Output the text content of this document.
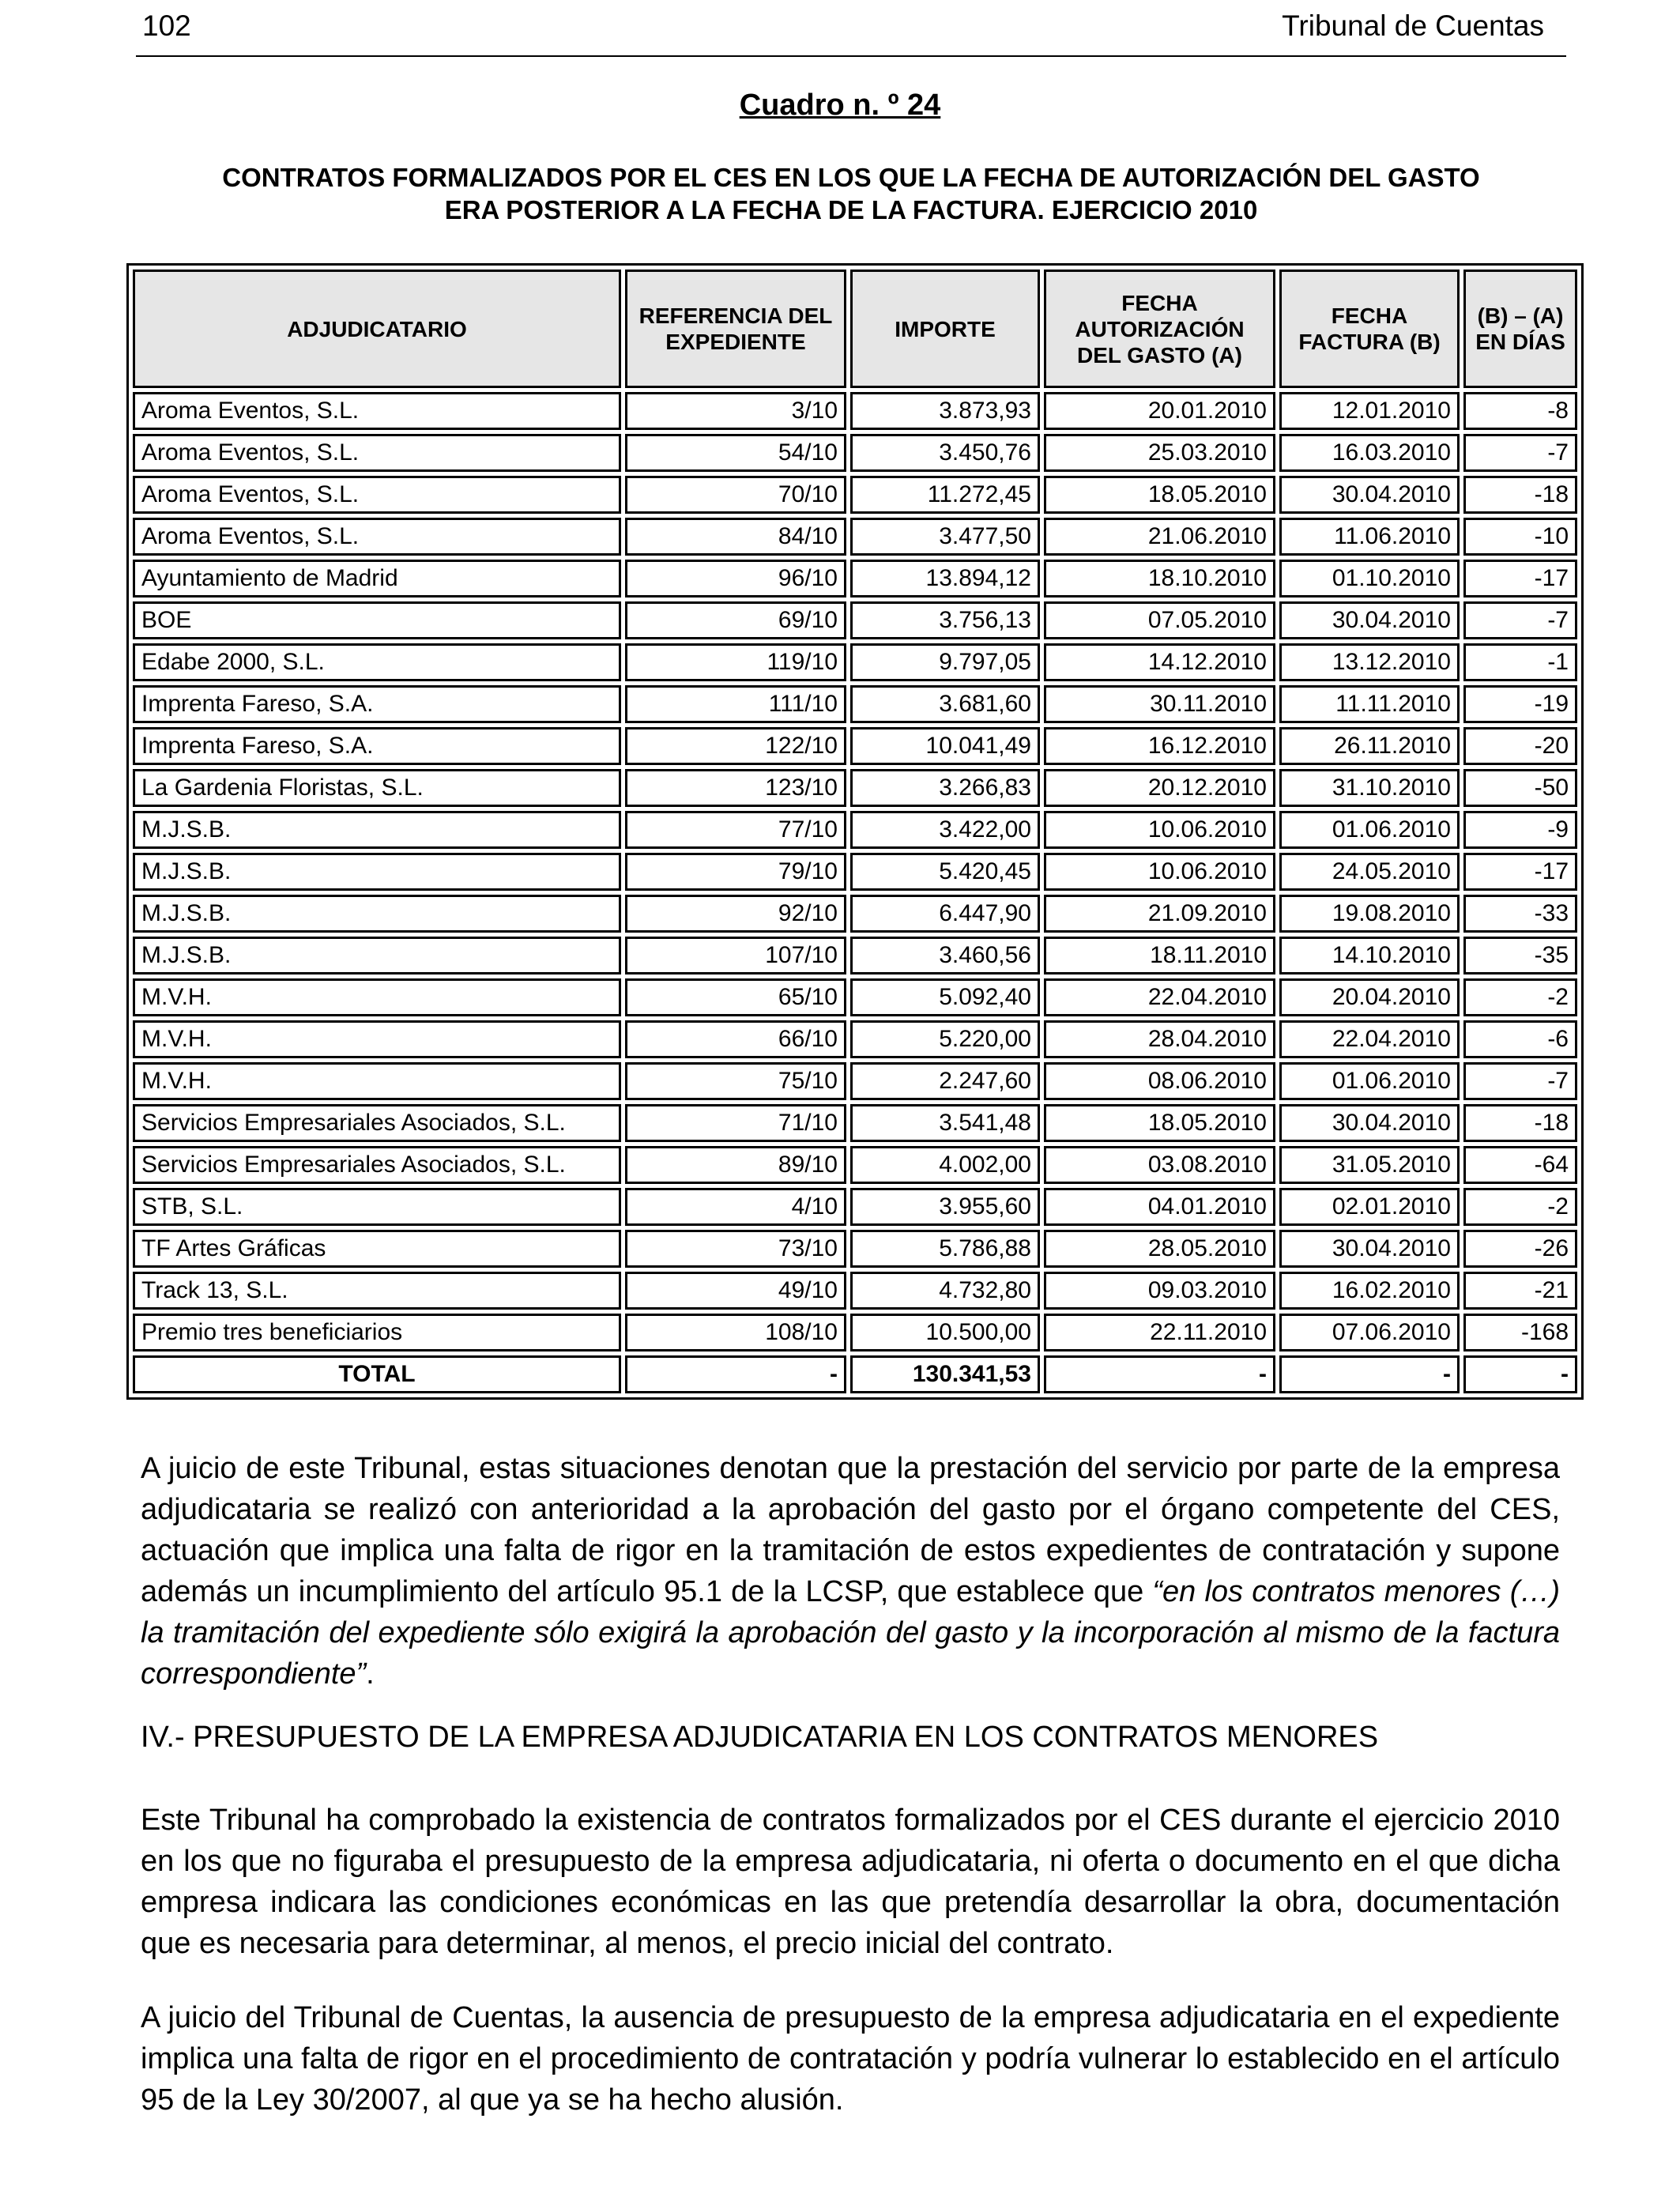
102	Tribunal de Cuentas
Cuadro n. º 24
CONTRATOS FORMALIZADOS POR EL CES EN LOS QUE LA FECHA DE AUTORIZACIÓN DEL GASTO
ERA POSTERIOR A LA FECHA DE LA FACTURA. EJERCICIO 2010
ADJUDICATARIO	REFERENCIA DEL EXPEDIENTE	IMPORTE	FECHA AUTORIZACIÓN DEL GASTO (A)	FECHA FACTURA (B)	(B) – (A) EN DÍAS
Aroma Eventos, S.L.	3/10	3.873,93	20.01.2010	12.01.2010	-8
Aroma Eventos, S.L.	54/10	3.450,76	25.03.2010	16.03.2010	-7
Aroma Eventos, S.L.	70/10	11.272,45	18.05.2010	30.04.2010	-18
Aroma Eventos, S.L.	84/10	3.477,50	21.06.2010	11.06.2010	-10
Ayuntamiento de Madrid	96/10	13.894,12	18.10.2010	01.10.2010	-17
BOE	69/10	3.756,13	07.05.2010	30.04.2010	-7
Edabe 2000, S.L.	119/10	9.797,05	14.12.2010	13.12.2010	-1
Imprenta Fareso, S.A.	111/10	3.681,60	30.11.2010	11.11.2010	-19
Imprenta Fareso, S.A.	122/10	10.041,49	16.12.2010	26.11.2010	-20
La Gardenia Floristas, S.L.	123/10	3.266,83	20.12.2010	31.10.2010	-50
M.J.S.B.	77/10	3.422,00	10.06.2010	01.06.2010	-9
M.J.S.B.	79/10	5.420,45	10.06.2010	24.05.2010	-17
M.J.S.B.	92/10	6.447,90	21.09.2010	19.08.2010	-33
M.J.S.B.	107/10	3.460,56	18.11.2010	14.10.2010	-35
M.V.H.	65/10	5.092,40	22.04.2010	20.04.2010	-2
M.V.H.	66/10	5.220,00	28.04.2010	22.04.2010	-6
M.V.H.	75/10	2.247,60	08.06.2010	01.06.2010	-7
Servicios Empresariales Asociados, S.L.	71/10	3.541,48	18.05.2010	30.04.2010	-18
Servicios Empresariales Asociados, S.L.	89/10	4.002,00	03.08.2010	31.05.2010	-64
STB, S.L.	4/10	3.955,60	04.01.2010	02.01.2010	-2
TF Artes Gráficas	73/10	5.786,88	28.05.2010	30.04.2010	-26
Track 13, S.L.	49/10	4.732,80	09.03.2010	16.02.2010	-21
Premio tres beneficiarios	108/10	10.500,00	22.11.2010	07.06.2010	-168
TOTAL	-	130.341,53	-	-	-
A juicio de este Tribunal, estas situaciones denotan que la prestación del servicio por parte de la empresa adjudicataria se realizó con anterioridad a la aprobación del gasto por el órgano competente del CES, actuación que implica una falta de rigor en la tramitación de estos expedientes de contratación y supone además un incumplimiento del artículo 95.1 de la LCSP, que establece que “en los contratos menores (…) la tramitación del expediente sólo exigirá la aprobación del gasto y la incorporación al mismo de la factura correspondiente”.
IV.- PRESUPUESTO DE LA EMPRESA ADJUDICATARIA EN LOS CONTRATOS MENORES
Este Tribunal ha comprobado la existencia de contratos formalizados por el CES durante el ejercicio 2010 en los que no figuraba el presupuesto de la empresa adjudicataria, ni oferta o documento en el que dicha empresa indicara las condiciones económicas en las que pretendía desarrollar la obra, documentación que es necesaria para determinar, al menos, el precio inicial del contrato.
A juicio del Tribunal de Cuentas, la ausencia de presupuesto de la empresa adjudicataria en el expediente implica una falta de rigor en el procedimiento de contratación y podría vulnerar lo establecido en el artículo 95 de la Ley 30/2007, al que ya se ha hecho alusión.
